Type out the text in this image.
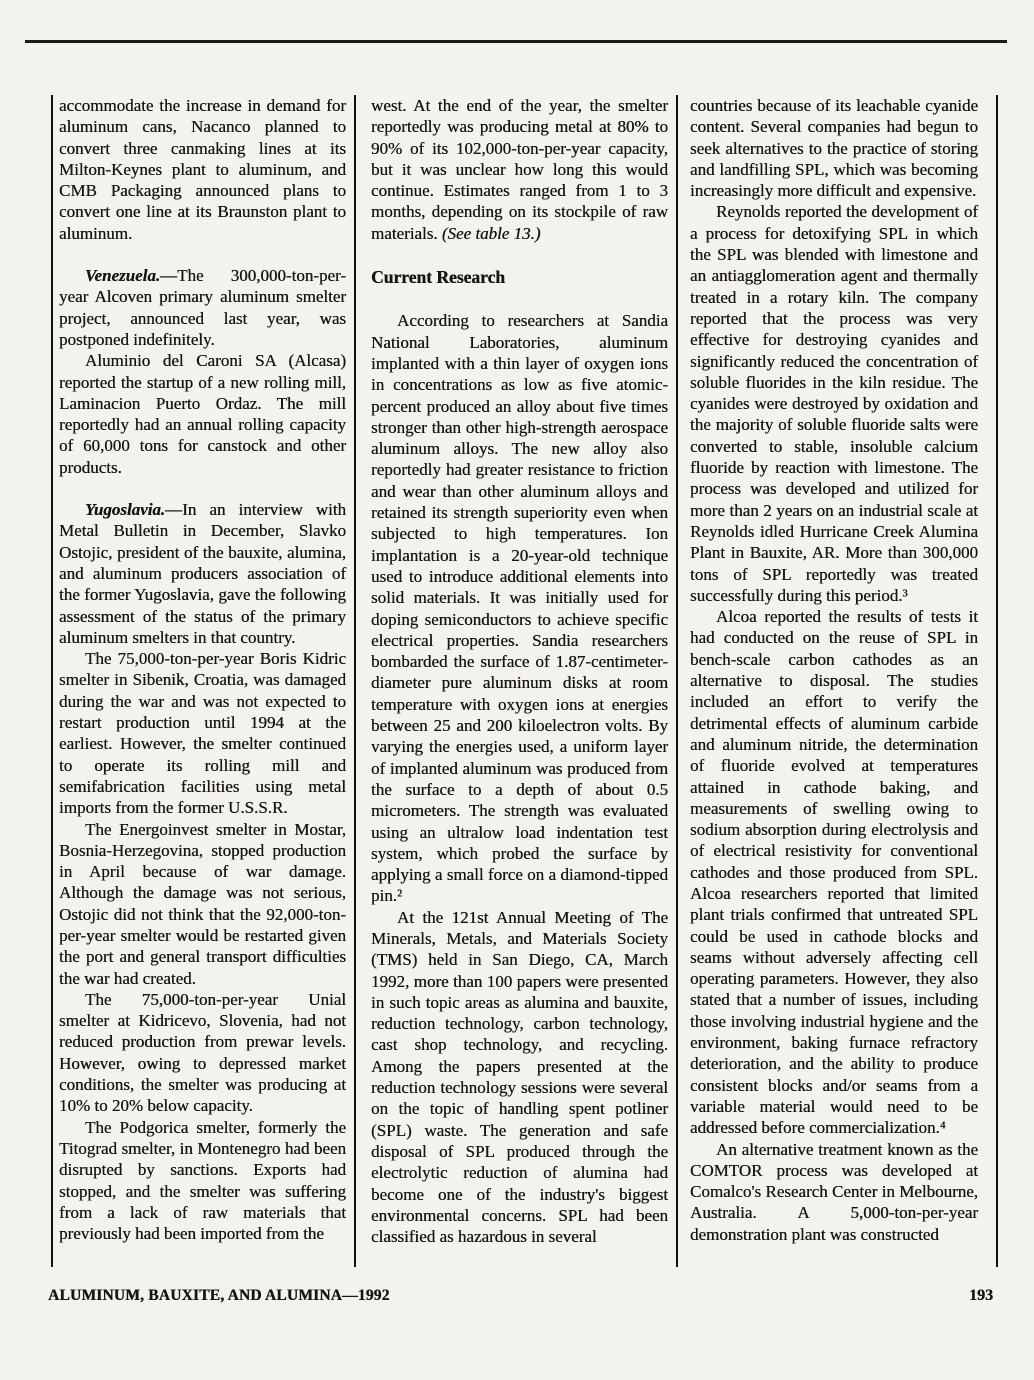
accommodate the increase in demand for aluminum cans, Nacanco planned to convert three canmaking lines at its Milton-Keynes plant to aluminum, and CMB Packaging announced plans to convert one line at its Braunston plant to aluminum.

Venezuela.—The 300,000-ton-per-year Alcoven primary aluminum smelter project, announced last year, was postponed indefinitely.

Aluminio del Caroni SA (Alcasa) reported the startup of a new rolling mill, Laminacion Puerto Ordaz. The mill reportedly had an annual rolling capacity of 60,000 tons for canstock and other products.

Yugoslavia.—In an interview with Metal Bulletin in December, Slavko Ostojic, president of the bauxite, alumina, and aluminum producers association of the former Yugoslavia, gave the following assessment of the status of the primary aluminum smelters in that country.

The 75,000-ton-per-year Boris Kidric smelter in Sibenik, Croatia, was damaged during the war and was not expected to restart production until 1994 at the earliest. However, the smelter continued to operate its rolling mill and semifabrication facilities using metal imports from the former U.S.S.R.

The Energoinvest smelter in Mostar, Bosnia-Herzegovina, stopped production in April because of war damage. Although the damage was not serious, Ostojic did not think that the 92,000-ton-per-year smelter would be restarted given the port and general transport difficulties the war had created.

The 75,000-ton-per-year Unial smelter at Kidricevo, Slovenia, had not reduced production from prewar levels. However, owing to depressed market conditions, the smelter was producing at 10% to 20% below capacity.

The Podgorica smelter, formerly the Titograd smelter, in Montenegro had been disrupted by sanctions. Exports had stopped, and the smelter was suffering from a lack of raw materials that previously had been imported from the

west. At the end of the year, the smelter reportedly was producing metal at 80% to 90% of its 102,000-ton-per-year capacity, but it was unclear how long this would continue. Estimates ranged from 1 to 3 months, depending on its stockpile of raw materials. (See table 13.)

Current Research

According to researchers at Sandia National Laboratories, aluminum implanted with a thin layer of oxygen ions in concentrations as low as five atomic-percent produced an alloy about five times stronger than other high-strength aerospace aluminum alloys. The new alloy also reportedly had greater resistance to friction and wear than other aluminum alloys and retained its strength superiority even when subjected to high temperatures. Ion implantation is a 20-year-old technique used to introduce additional elements into solid materials. It was initially used for doping semiconductors to achieve specific electrical properties. Sandia researchers bombarded the surface of 1.87-centimeter-diameter pure aluminum disks at room temperature with oxygen ions at energies between 25 and 200 kiloelectron volts. By varying the energies used, a uniform layer of implanted aluminum was produced from the surface to a depth of about 0.5 micrometers. The strength was evaluated using an ultralow load indentation test system, which probed the surface by applying a small force on a diamond-tipped pin.²

At the 121st Annual Meeting of The Minerals, Metals, and Materials Society (TMS) held in San Diego, CA, March 1992, more than 100 papers were presented in such topic areas as alumina and bauxite, reduction technology, carbon technology, cast shop technology, and recycling. Among the papers presented at the reduction technology sessions were several on the topic of handling spent potliner (SPL) waste. The generation and safe disposal of SPL produced through the electrolytic reduction of alumina had become one of the industry's biggest environmental concerns. SPL had been classified as hazardous in several

countries because of its leachable cyanide content. Several companies had begun to seek alternatives to the practice of storing and landfilling SPL, which was becoming increasingly more difficult and expensive.

Reynolds reported the development of a process for detoxifying SPL in which the SPL was blended with limestone and an antiagglomeration agent and thermally treated in a rotary kiln. The company reported that the process was very effective for destroying cyanides and significantly reduced the concentration of soluble fluorides in the kiln residue. The cyanides were destroyed by oxidation and the majority of soluble fluoride salts were converted to stable, insoluble calcium fluoride by reaction with limestone. The process was developed and utilized for more than 2 years on an industrial scale at Reynolds idled Hurricane Creek Alumina Plant in Bauxite, AR. More than 300,000 tons of SPL reportedly was treated successfully during this period.³

Alcoa reported the results of tests it had conducted on the reuse of SPL in bench-scale carbon cathodes as an alternative to disposal. The studies included an effort to verify the detrimental effects of aluminum carbide and aluminum nitride, the determination of fluoride evolved at temperatures attained in cathode baking, and measurements of swelling owing to sodium absorption during electrolysis and of electrical resistivity for conventional cathodes and those produced from SPL. Alcoa researchers reported that limited plant trials confirmed that untreated SPL could be used in cathode blocks and seams without adversely affecting cell operating parameters. However, they also stated that a number of issues, including those involving industrial hygiene and the environment, baking furnace refractory deterioration, and the ability to produce consistent blocks and/or seams from a variable material would need to be addressed before commercialization.⁴

An alternative treatment known as the COMTOR process was developed at Comalco's Research Center in Melbourne, Australia. A 5,000-ton-per-year demonstration plant was constructed

ALUMINUM, BAUXITE, AND ALUMINA—1992	193
